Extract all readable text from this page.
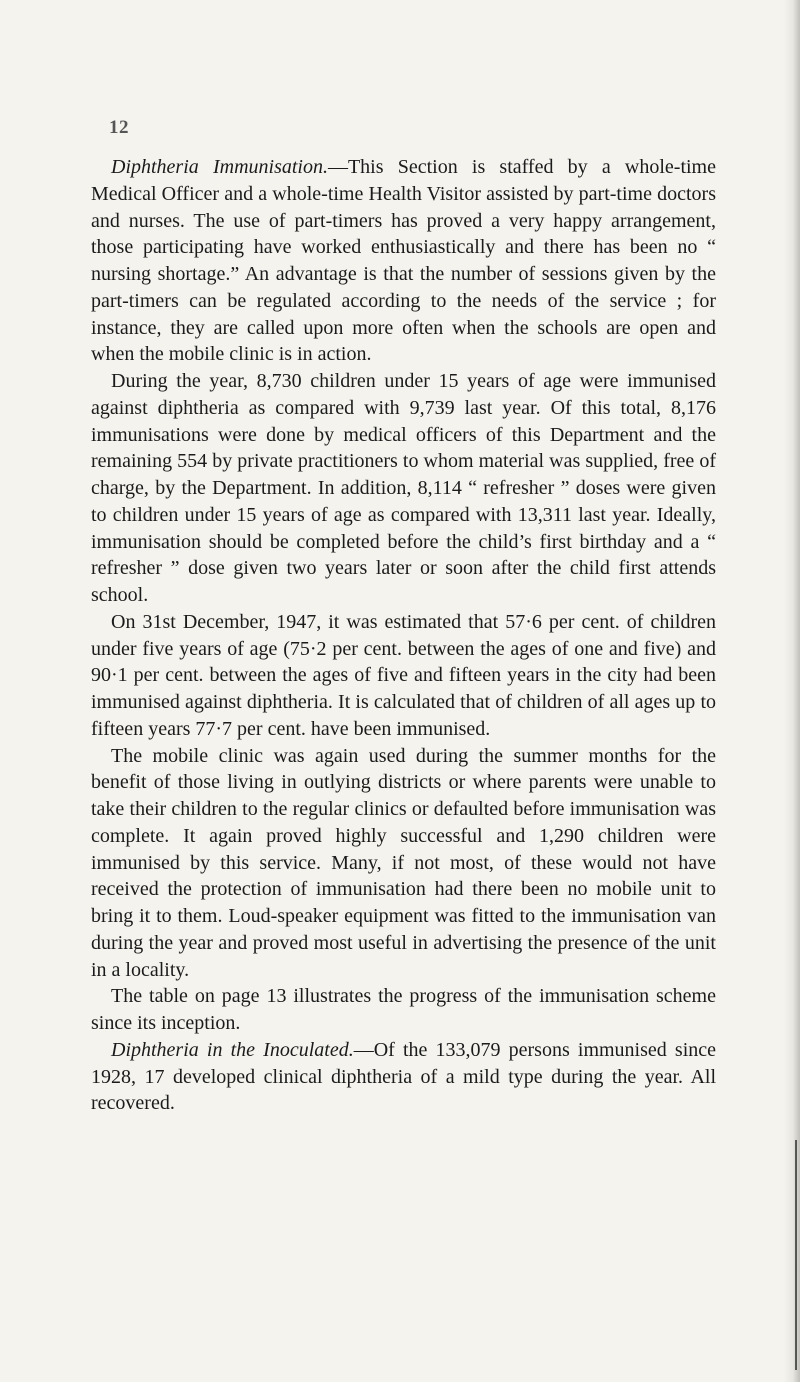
12

Diphtheria Immunisation.—This Section is staffed by a whole-time Medical Officer and a whole-time Health Visitor assisted by part-time doctors and nurses. The use of part-timers has proved a very happy arrangement, those participating have worked enthusiastically and there has been no “ nursing shortage.” An advantage is that the number of sessions given by the part-timers can be regulated according to the needs of the service ; for instance, they are called upon more often when the schools are open and when the mobile clinic is in action.

During the year, 8,730 children under 15 years of age were immunised against diphtheria as compared with 9,739 last year. Of this total, 8,176 immunisations were done by medical officers of this Department and the remaining 554 by private practitioners to whom material was supplied, free of charge, by the Department. In addition, 8,114 “ refresher ” doses were given to children under 15 years of age as compared with 13,311 last year. Ideally, immunisation should be completed before the child’s first birthday and a “ refresher ” dose given two years later or soon after the child first attends school.

On 31st December, 1947, it was estimated that 57·6 per cent. of children under five years of age (75·2 per cent. between the ages of one and five) and 90·1 per cent. between the ages of five and fifteen years in the city had been immunised against diphtheria. It is calculated that of children of all ages up to fifteen years 77·7 per cent. have been immunised.

The mobile clinic was again used during the summer months for the benefit of those living in outlying districts or where parents were unable to take their children to the regular clinics or defaulted before immunisation was complete. It again proved highly successful and 1,290 children were immunised by this service. Many, if not most, of these would not have received the protection of immunisation had there been no mobile unit to bring it to them. Loud-speaker equipment was fitted to the immunisation van during the year and proved most useful in advertising the presence of the unit in a locality.

The table on page 13 illustrates the progress of the immunisation scheme since its inception.

Diphtheria in the Inoculated.—Of the 133,079 persons immunised since 1928, 17 developed clinical diphtheria of a mild type during the year. All recovered.
